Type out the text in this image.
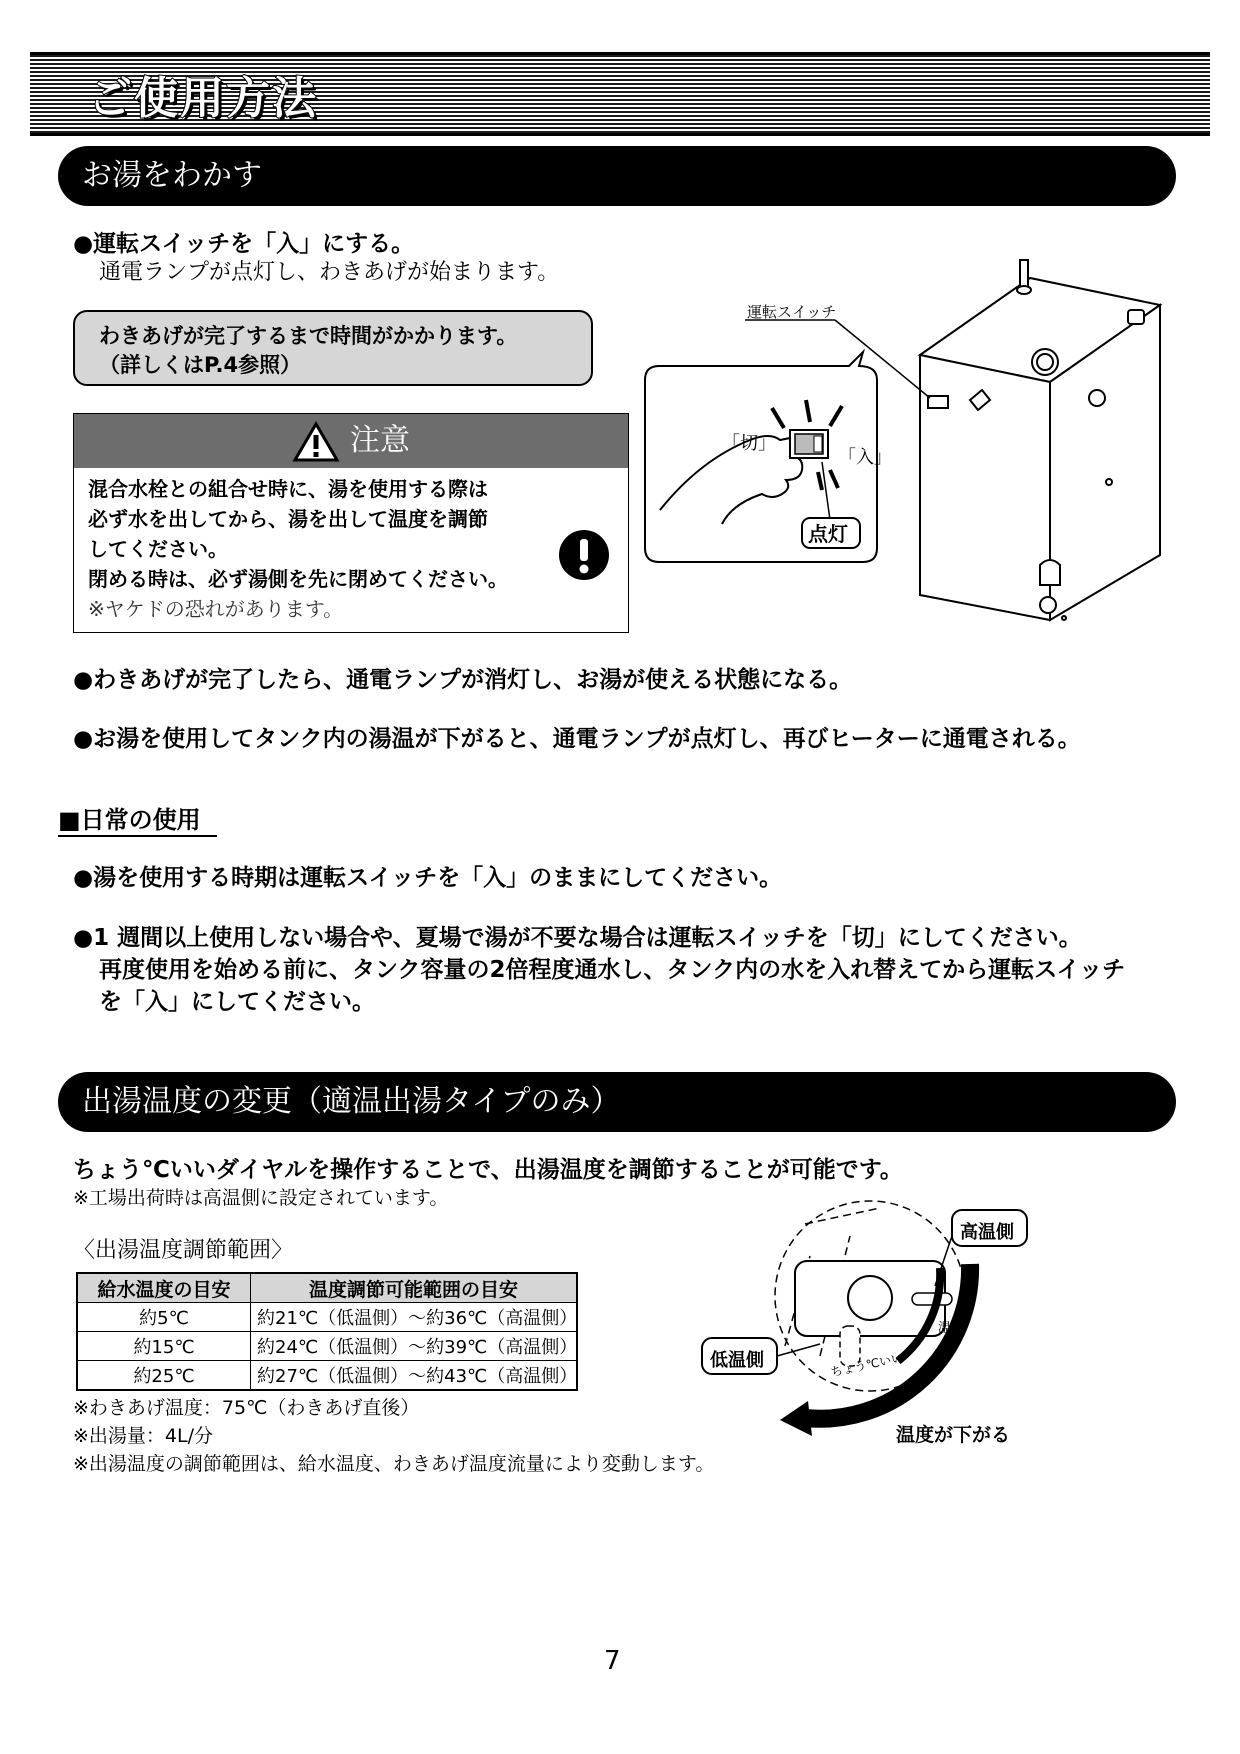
ご使用方法
お湯をわかす
●運転スイッチを「入」にする。
通電ランプが点灯し、わきあげが始まります。
わきあげが完了するまで時間がかかります。
（詳しくはP.4参照）
注意
混合水栓との組合せ時に、湯を使用する際は
必ず水を出してから、湯を出して温度を調節
してください。
閉める時は、必ず湯側を先に閉めてください。
※ヤケドの恐れがあります。
運転スイッチ
「切」
「入」
点灯
●わきあげが完了したら、通電ランプが消灯し、お湯が使える状態になる。
●お湯を使用してタンク内の湯温が下がると、通電ランプが点灯し、再びヒーターに通電される。
■日常の使用
●湯を使用する時期は運転スイッチを「入」のままにしてください。
●1 週間以上使用しない場合や、夏場で湯が不要な場合は運転スイッチを「切」にしてください。
再度使用を始める前に、タンク容量の2倍程度通水し、タンク内の水を入れ替えてから運転スイッチ
を「入」にしてください。
出湯温度の変更（適温出湯タイプのみ）
ちょう℃いいダイヤルを操作することで、出湯温度を調節することが可能です。
※工場出荷時は高温側に設定されています。
〈出湯温度調節範囲〉
給水温度の目安	温度調節可能範囲の目安
約5℃	約21℃（低温側）～約36℃（高温側）
約15℃	約24℃（低温側）～約39℃（高温側）
約25℃	約27℃（低温側）～約43℃（高温側）
※わきあげ温度：75℃（わきあげ直後）
※出湯量：4L/分
※出湯温度の調節範囲は、給水温度、わきあげ温度流量により変動します。
高温側
低温側
温度
ちょう℃いい
温度が下がる
7
